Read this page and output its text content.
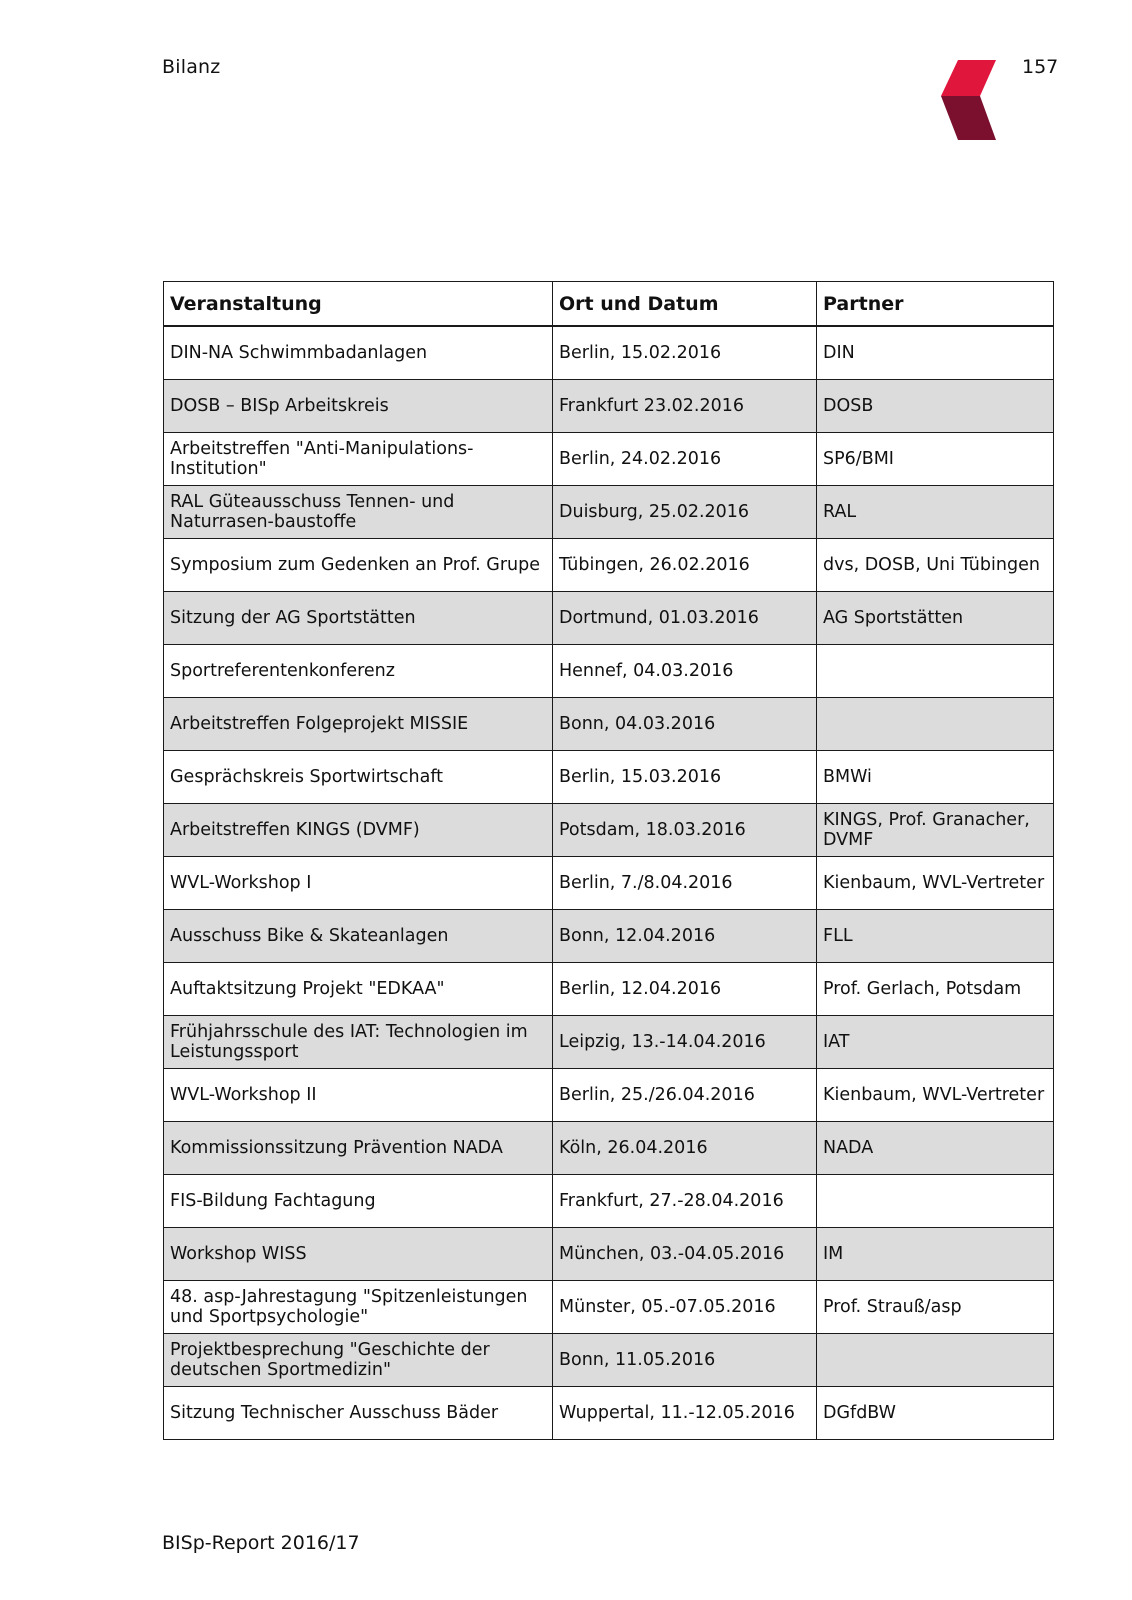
Bilanz	157
Veranstaltung	Ort und Datum	Partner
DIN-NA Schwimmbadanlagen	Berlin, 15.02.2016	DIN
DOSB – BISp Arbeitskreis	Frankfurt 23.02.2016	DOSB
Arbeitstreffen "Anti-Manipulations-Institution"	Berlin, 24.02.2016	SP6/BMI
RAL Güteausschuss Tennen- und Naturrasen-baustoffe	Duisburg, 25.02.2016	RAL
Symposium zum Gedenken an Prof. Grupe	Tübingen, 26.02.2016	dvs, DOSB, Uni Tübingen
Sitzung der AG Sportstätten	Dortmund, 01.03.2016	AG Sportstätten
Sportreferentenkonferenz	Hennef, 04.03.2016	
Arbeitstreffen Folgeprojekt MISSIE	Bonn, 04.03.2016	
Gesprächskreis Sportwirtschaft	Berlin, 15.03.2016	BMWi
Arbeitstreffen KINGS (DVMF)	Potsdam, 18.03.2016	KINGS, Prof. Granacher, DVMF
WVL-Workshop I	Berlin, 7./8.04.2016	Kienbaum, WVL-Vertreter
Ausschuss Bike & Skateanlagen	Bonn, 12.04.2016	FLL
Auftaktsitzung Projekt "EDKAA"	Berlin, 12.04.2016	Prof. Gerlach, Potsdam
Frühjahrsschule des IAT: Technologien im Leistungssport	Leipzig, 13.-14.04.2016	IAT
WVL-Workshop II	Berlin, 25./26.04.2016	Kienbaum, WVL-Vertreter
Kommissionssitzung Prävention NADA	Köln, 26.04.2016	NADA
FIS-Bildung Fachtagung	Frankfurt, 27.-28.04.2016	
Workshop WISS	München, 03.-04.05.2016	IM
48. asp-Jahrestagung "Spitzenleistungen und Sportpsychologie"	Münster, 05.-07.05.2016	Prof. Strauß/asp
Projektbesprechung "Geschichte der deutschen Sportmedizin"	Bonn, 11.05.2016	
Sitzung Technischer Ausschuss Bäder	Wuppertal, 11.-12.05.2016	DGfdBW
BISp-Report 2016/17
